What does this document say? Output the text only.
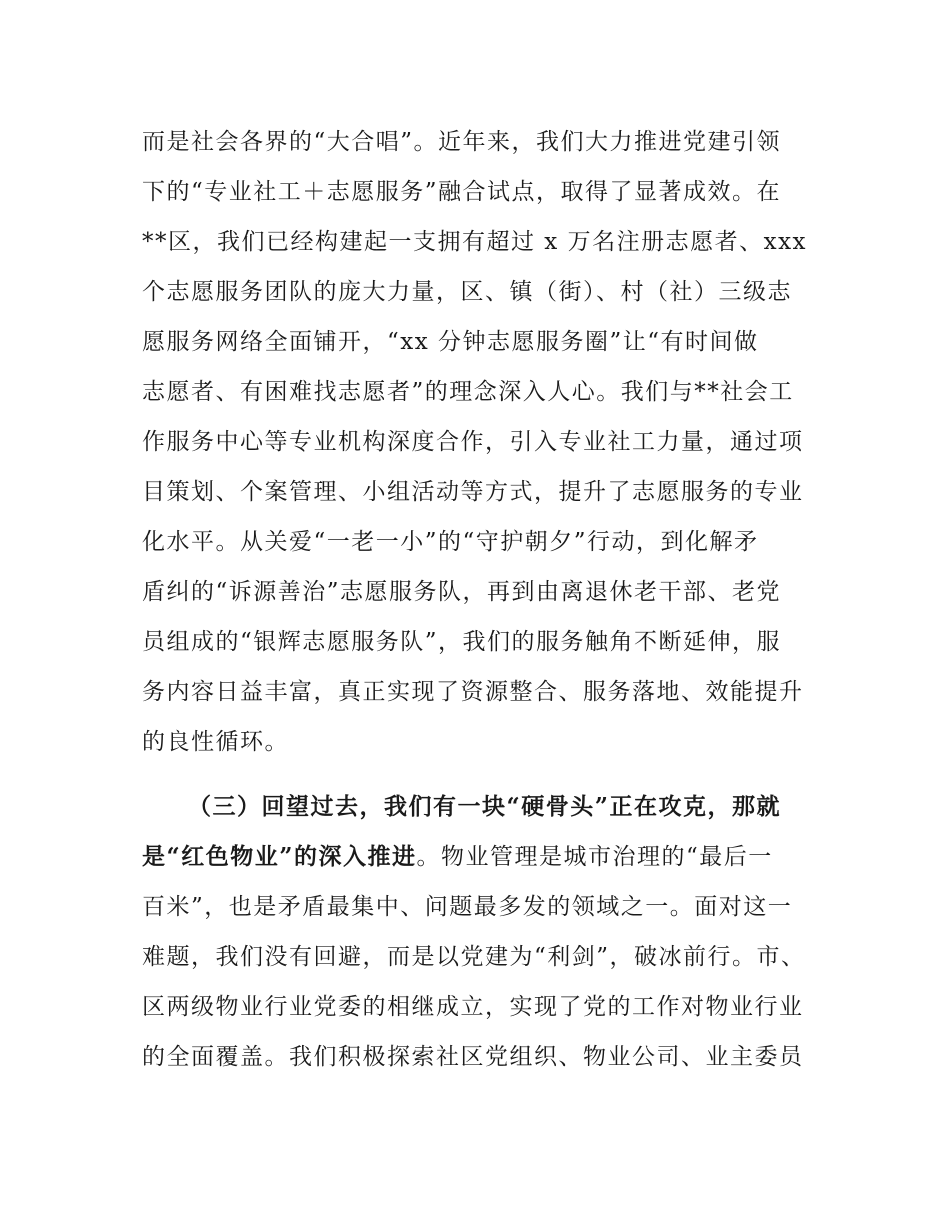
而是社会各界的“大合唱”。近年来，我们大力推进党建引领
下的“专业社工＋志愿服务”融合试点，取得了显著成效。在
**区，我们已经构建起一支拥有超过 x 万名注册志愿者、xxx
个志愿服务团队的庞大力量，区、镇（街）、村（社）三级志
愿服务网络全面铺开，“xx 分钟志愿服务圈”让“有时间做
志愿者、有困难找志愿者”的理念深入人心。我们与**社会工
作服务中心等专业机构深度合作，引入专业社工力量，通过项
目策划、个案管理、小组活动等方式，提升了志愿服务的专业
化水平。从关爱“一老一小”的“守护朝夕”行动，到化解矛
盾纠的“诉源善治”志愿服务队，再到由离退休老干部、老党
员组成的“银辉志愿服务队”，我们的服务触角不断延伸，服
务内容日益丰富，真正实现了资源整合、服务落地、效能提升
的良性循环。
（三）回望过去，我们有一块“硬骨头”正在攻克，那就
是“红色物业”的深入推进。物业管理是城市治理的“最后一
百米”，也是矛盾最集中、问题最多发的领域之一。面对这一
难题，我们没有回避，而是以党建为“利剑”，破冰前行。市、
区两级物业行业党委的相继成立，实现了党的工作对物业行业
的全面覆盖。我们积极探索社区党组织、物业公司、业主委员
